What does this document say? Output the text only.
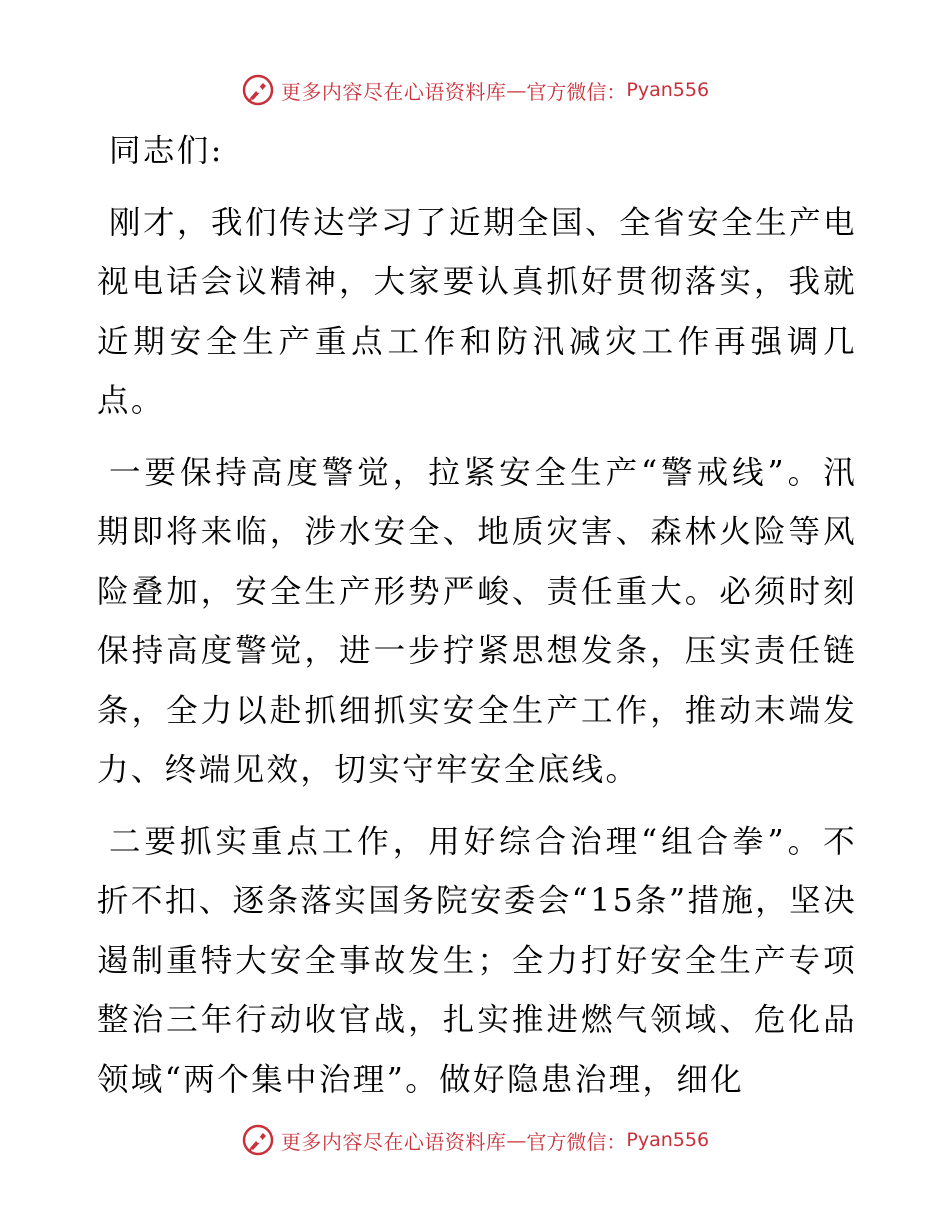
更多内容尽在心语资料库 — 官方微信： Pyan556

同志们:

刚才，我们传达学习了近期全国、全省安全生产电视电话会议精神，大家要认真抓好贯彻落实，我就近期安全生产重点工作和防汛减灾工作再强调几点。

一要保持高度警觉，拉紧安全生产“警戒线”。汛期即将来临，涉水安全、地质灾害、森林火险等风险叠加，安全生产形势严峻、责任重大。必须时刻保持高度警觉，进一步拧紧思想发条，压实责任链条，全力以赴抓细抓实安全生产工作，推动末端发力、终端见效，切实守牢安全底线。

二要抓实重点工作，用好综合治理“组合拳”。不折不扣、逐条落实国务院安委会“15条”措施，坚决遏制重特大安全事故发生；全力打好安全生产专项整治三年行动收官战，扎实推进燃气领域、危化品领域“两个集中治理”。做好隐患治理，细化

更多内容尽在心语资料库 — 官方微信： Pyan556
